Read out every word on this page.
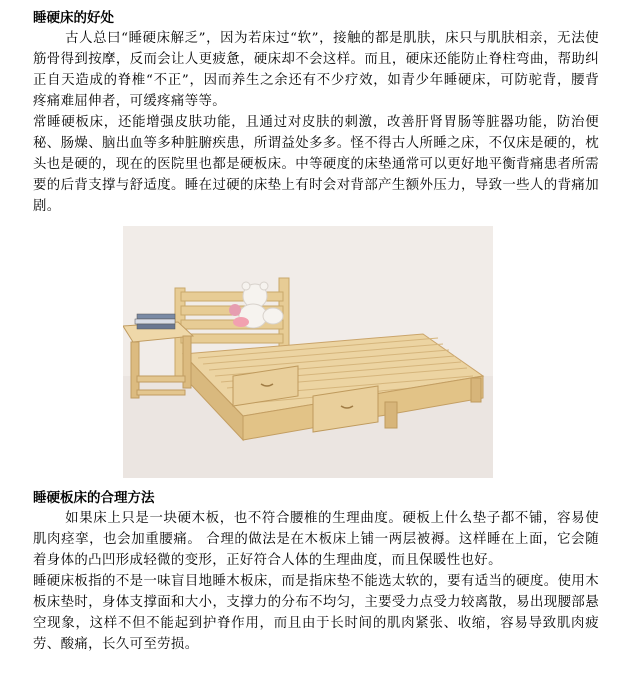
睡硬床的好处

古人总曰“睡硬床解乏”，因为若床过“软”，接触的都是肌肤，床只与肌肤相亲，无法使筋骨得到按摩，反而会让人更疲惫，硬床却不会这样。而且，硬床还能防止脊柱弯曲，帮助纠正自天造成的脊椎“不正”，因而养生之余还有不少疗效，如青少年睡硬床，可防驼背，腰背疼痛难屈伸者，可缓疼痛等等。

常睡硬板床，还能增强皮肤功能，且通过对皮肤的刺激，改善肝肾胃肠等脏器功能，防治便秘、肠燥、脑出血等多种脏腑疾患，所谓益处多多。怪不得古人所睡之床，不仅床是硬的，枕头也是硬的，现在的医院里也都是硬板床。中等硬度的床垫通常可以更好地平衡背痛患者所需要的后背支撑与舒适度。睡在过硬的床垫上有时会对背部产生额外压力，导致一些人的背痛加剧。

睡硬板床的合理方法

如果床上只是一块硬木板，也不符合腰椎的生理曲度。硬板上什么垫子都不铺，容易使肌肉痉挛，也会加重腰痛。 合理的做法是在木板床上铺一两层被褥。这样睡在上面，它会随着身体的凸凹形成轻微的变形，正好符合人体的生理曲度，而且保暖性也好。

睡硬床板指的不是一味盲目地睡木板床，而是指床垫不能选太软的，要有适当的硬度。使用木板床垫时，身体支撑面和大小，支撑力的分布不均匀，主要受力点受力较离散，易出现腰部悬空现象，这样不但不能起到护脊作用，而且由于长时间的肌肉紧张、收缩，容易导致肌肉疲劳、酸痛，长久可至劳损。
